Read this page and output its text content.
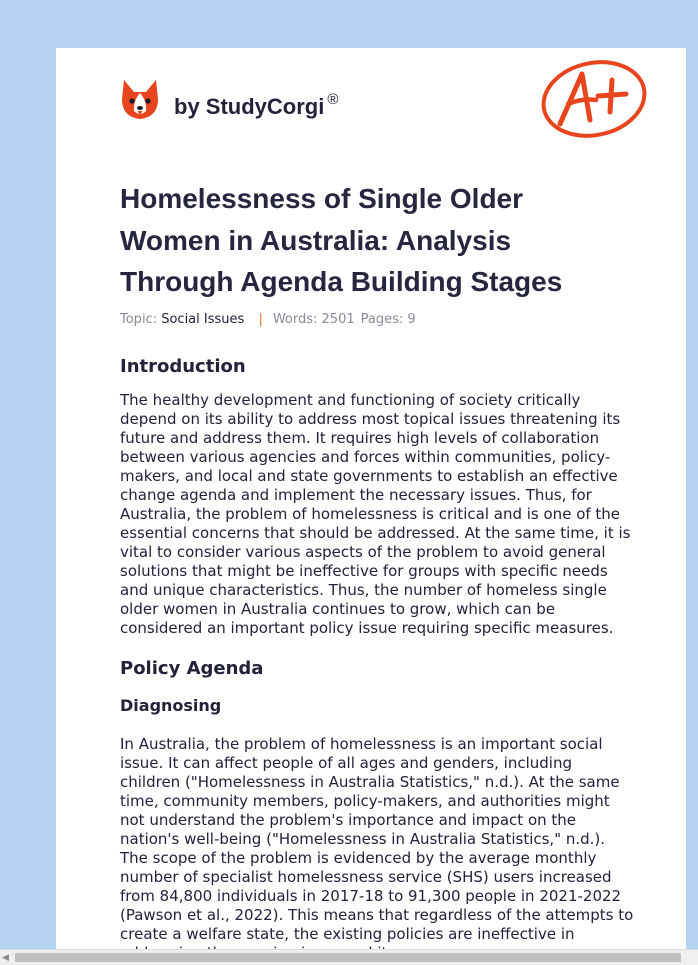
by StudyCorgi ®
Homelessness of Single Older Women in Australia: Analysis Through Agenda Building Stages
Topic: Social Issues | Words: 2501 Pages: 9
Introduction

The healthy development and functioning of society critically depend on its ability to address most topical issues threatening its future and address them. It requires high levels of collaboration between various agencies and forces within communities, policy-makers, and local and state governments to establish an effective change agenda and implement the necessary issues. Thus, for Australia, the problem of homelessness is critical and is one of the essential concerns that should be addressed. At the same time, it is vital to consider various aspects of the problem to avoid general solutions that might be ineffective for groups with specific needs and unique characteristics. Thus, the number of homeless single older women in Australia continues to grow, which can be considered an important policy issue requiring specific measures.

Policy Agenda
Diagnosing

In Australia, the problem of homelessness is an important social issue. It can affect people of all ages and genders, including children ("Homelessness in Australia Statistics," n.d.). At the same time, community members, policy-makers, and authorities might not understand the problem's importance and impact on the nation's well-being ("Homelessness in Australia Statistics," n.d.). The scope of the problem is evidenced by the average monthly number of specialist homelessness service (SHS) users increased from 84,800 individuals in 2017-18 to 91,300 people in 2021-2022 (Pawson et al., 2022). This means that regardless of the attempts to create a welfare state, the existing policies are ineffective in

◀
